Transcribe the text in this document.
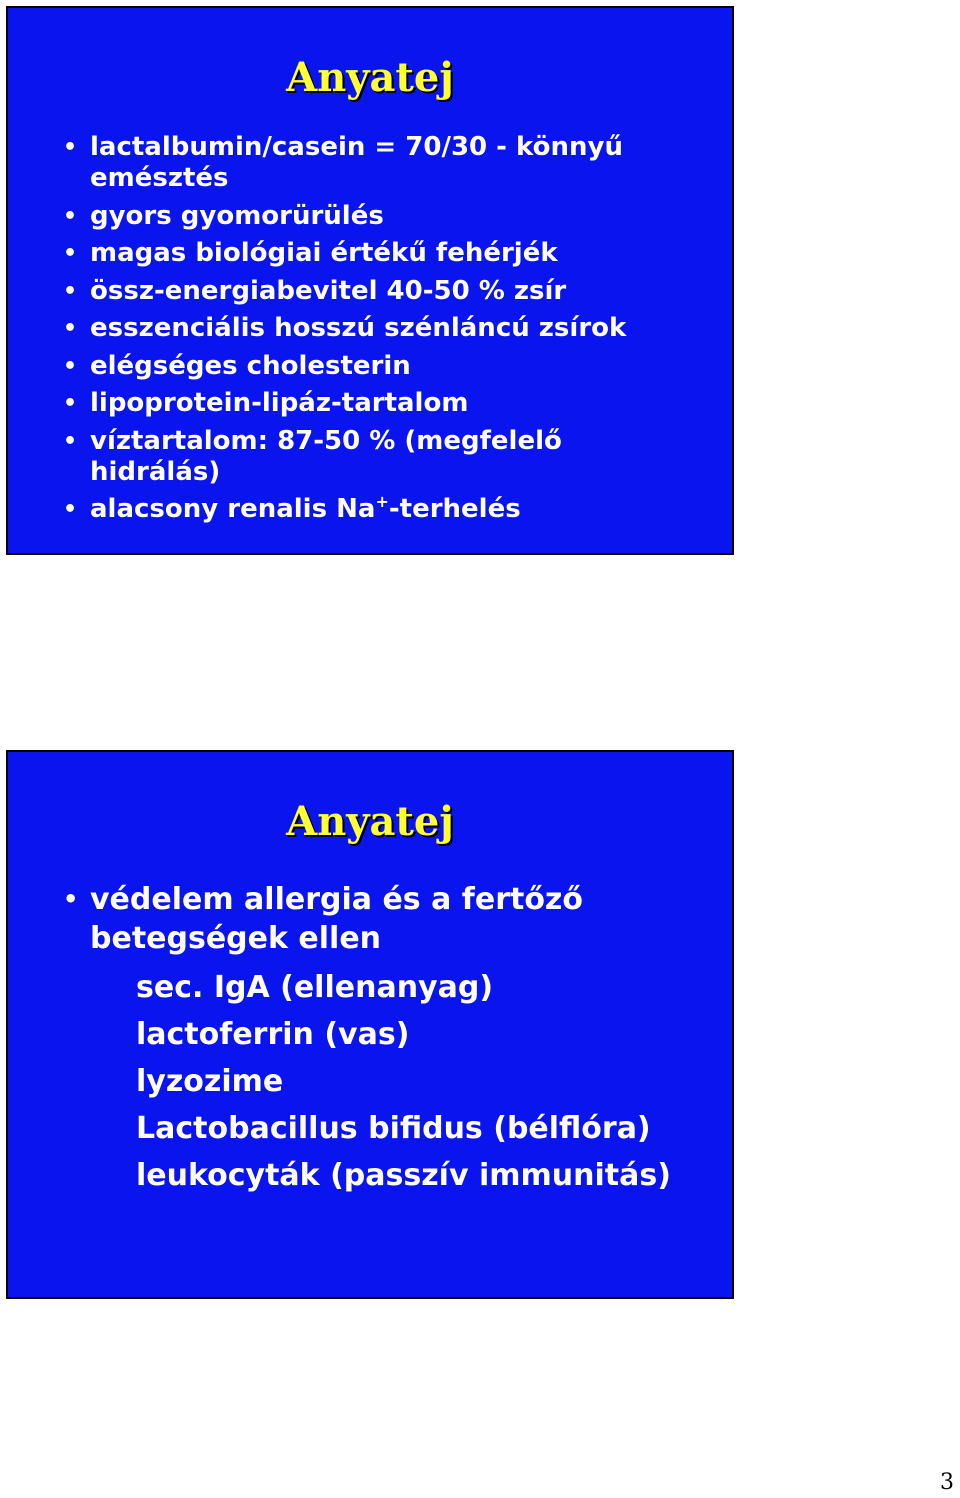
Anyatej
• lactalbumin/casein = 70/30 - könnyű emésztés
• gyors gyomorürülés
• magas biológiai értékű fehérjék
• össz-energiabevitel 40-50 % zsír
• esszenciális hosszú szénláncú zsírok
• elégséges cholesterin
• lipoprotein-lipáz-tartalom
• víztartalom: 87-50 % (megfelelő hidrálás)
• alacsony renalis Na+-terhelés
Anyatej
• védelem allergia és a fertőző betegségek ellen
sec. IgA (ellenanyag)
lactoferrin (vas)
lyzozime
Lactobacillus bifidus (bélflóra)
leukocyták (passzív immunitás)
3
